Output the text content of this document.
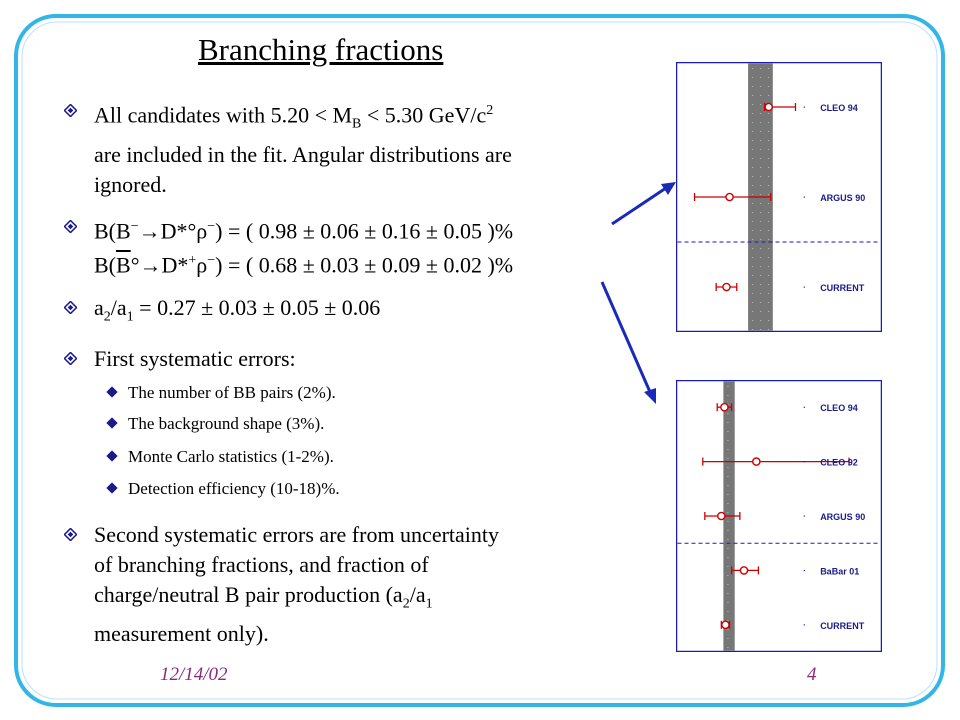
Branching fractions
All candidates with $5.20 < M_B < 5.30$ GeV/$c^2$
are included in the fit. Angular distributions are
ignored.
B(B−→D*°ρ−) = ( 0.98 ± 0.06 ± 0.16 ± 0.05 )%
$B(\overline{B}^\circ\to D*^+\rho^-)$ = ( 0.68 ± 0.03 ± 0.09 ± 0.02 )%
$a_2/a_1 = 0.27 \pm 0.03 \pm 0.05 \pm 0.06$
First systematic errors:
The number of BB pairs (2%).
The background shape (3%).
Monte Carlo statistics (1-2%).
Detection efficiency (10-18)%.
Second systematic errors are from uncertainty
of branching fractions, and fraction of
charge/neutral B pair production ($a_2/a_1$
measurement only).
CLEO 94
ARGUS 90
CURRENT
CLEO 94
CLEO 92
ARGUS 90
BaBar 01
CURRENT
12/14/02	4
